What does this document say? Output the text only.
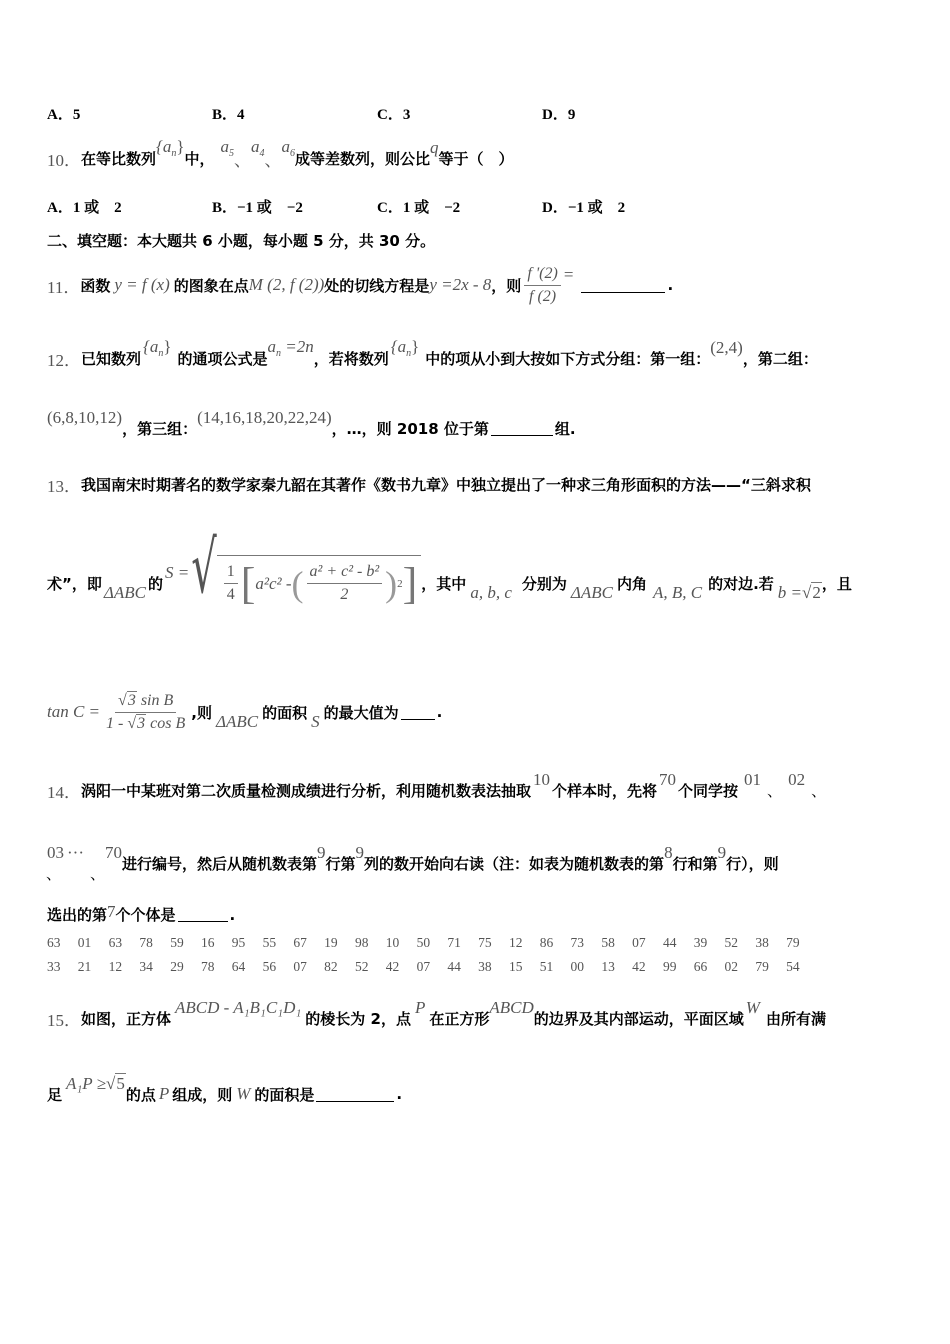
A．5	B．4	C．3	D．9
10． 在等比数列
$\{a_n\}$
中，
$a_5$ 、
$a_4$ 、
$a_6$ 成等差数列，则公比
q
等于（　）
A．1 或　2	B．−1 或　−2	C．1 或　−2	D．−1 或　2
二、填空题：本大题共 6 小题，每小题 5 分，共 30 分。
11． 函数 y = f (x) 的图象在点 M (2, f (2)) 处的切线方程是 y =2x - 8 ，则 $\frac{f '(2)}{f (2)}$ =
.
12． 已知数列
$\{a_n\}$
的通项公式是
$a_n =2n$
，若将数列
$\{a_n\}$
中的项从小到大按如下方式分组：第一组：
(2,4)
，第二组：
(6,8,10,12)
，第三组：
(14,16,18,20,22,24)
，…，则 2018 位于第	组.
13． 我国南宋时期著名的数学家秦九韶在其著作《数书九章》中独立提出了一种求三角形面积的方法——“三斜求积
术”，即 ΔABC 的
S = √ $\frac{1}{4}$ [ a²c² - ( $\frac{\text{a² + c² - b²}}{2}$ ) 2 ] ，其中 a, b, c 分别为 ΔABC 内角 A, B, C 的对边.若 b = √2 ，且
$\tan C = \frac{\text{√3 sin B}}{\text{1 - √3 cos B}}$ ,则 ΔABC 的面积 S 的最大值为	.
14． 涡阳一中某班对第二次质量检测成绩进行分析，利用随机数表法抽取
10
个样本时，先将
70
个同学按
01
、
02
、
03
、
···
、
70
进行编号，然后从随机数表第
9
行第
9
列的数开始向右读（注：如表为随机数表的第
8
行和第
9
行），则
选出的第 7 个个体是	.
63 01 63 78 59 16 95 55 67 19 98 10 50 71 75 12 86 73 58 07 44 39 52 38 79
33 21 12 34 29 78 64 56 07 82 52 42 07 44 38 15 51 00 13 42 99 66 02 79 54
15． 如图，正方体
ABCD - A₁B₁C₁D₁
的棱长为 2，点
P
在正方形
ABCD
的边界及其内部运动，平面区域
W
由所有满
足
A₁P ≥ √5
的点 P 组成，则 W 的面积是	.
